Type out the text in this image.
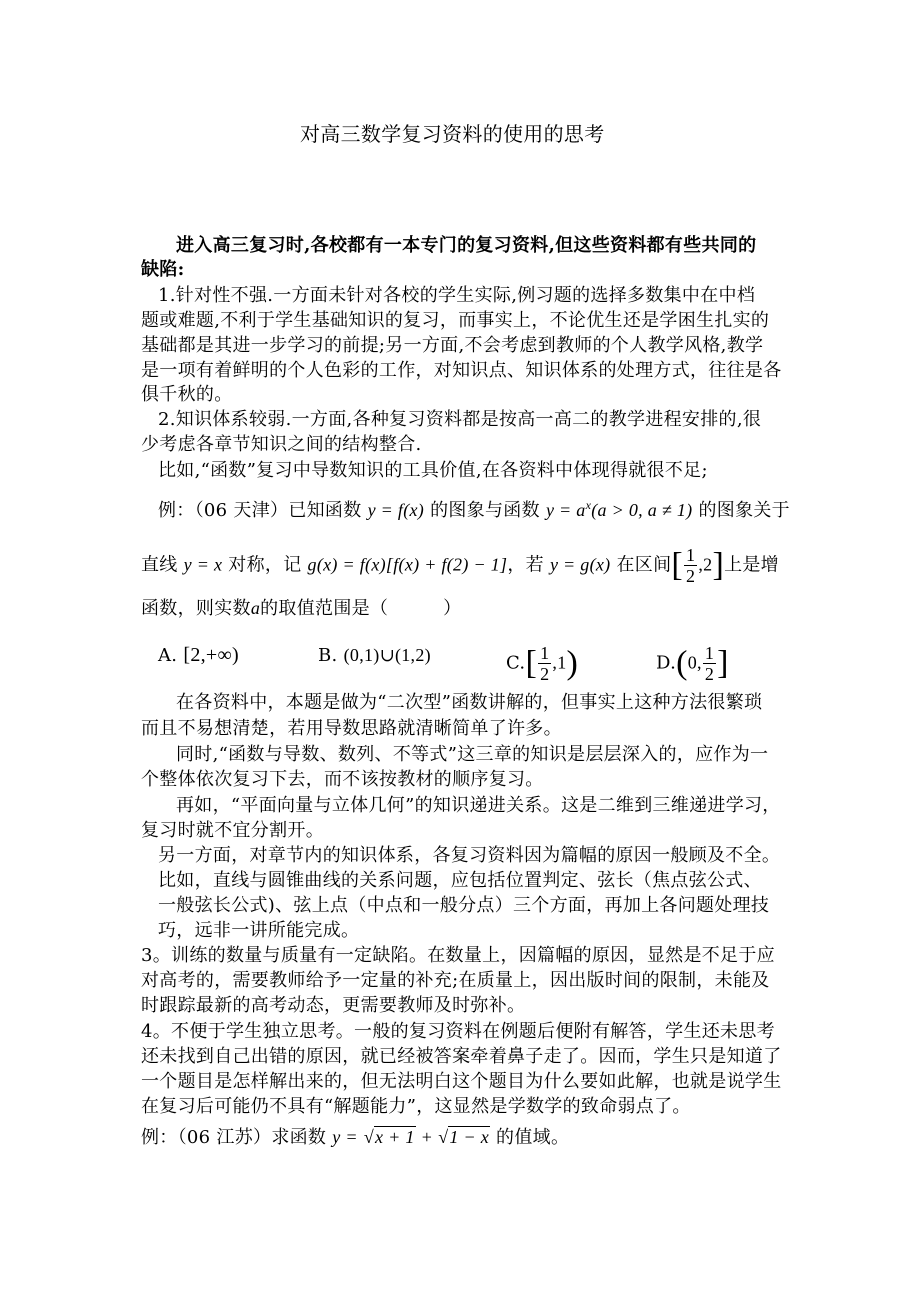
对高三数学复习资料的使用的思考
进入高三复习时,各校都有一本专门的复习资料,但这些资料都有些共同的
缺陷:
1.针对性不强.一方面未针对各校的学生实际,例习题的选择多数集中在中档
题或难题,不利于学生基础知识的复习，而事实上，不论优生还是学困生扎实的
基础都是其进一步学习的前提;另一方面,不会考虑到教师的个人教学风格,教学
是一项有着鲜明的个人色彩的工作，对知识点、知识体系的处理方式，往往是各
俱千秋的。
2.知识体系较弱.一方面,各种复习资料都是按高一高二的教学进程安排的,很
少考虑各章节知识之间的结构整合.
比如,“函数”复习中导数知识的工具价值,在各资料中体现得就很不足;
例：（06 天津）已知函数 y = f(x) 的图象与函数 $y = a^x(a > 0$, a ≠ 1) 的图象关于
直线 y = x 对称，记 g(x) = f(x)[f(x) + f(2) − 1]，若 y = g(x) 在区间[ $\frac{1}{2} ,2$]上是增
函数，则实数a的取值范围是（　　　）
A. [2,+∞)	B. (0,1)∪(1,2)	$C.[ \frac{1}{2} ,1)$	D.(0, $\frac{1}{2}$ ]
在各资料中，本题是做为“二次型”函数讲解的，但事实上这种方法很繁琐
而且不易想清楚，若用导数思路就清晰简单了许多。
同时,“函数与导数、数列、不等式”这三章的知识是层层深入的，应作为一
个整体依次复习下去，而不该按教材的顺序复习。
再如，“平面向量与立体几何”的知识递进关系。这是二维到三维递进学习，
复习时就不宜分割开。
另一方面，对章节内的知识体系，各复习资料因为篇幅的原因一般顾及不全。
比如，直线与圆锥曲线的关系问题，应包括位置判定、弦长（焦点弦公式、
一般弦长公式)、弦上点（中点和一般分点）三个方面，再加上各问题处理技
巧，远非一讲所能完成。
3。训练的数量与质量有一定缺陷。在数量上，因篇幅的原因，显然是不足于应
对高考的，需要教师给予一定量的补充;在质量上，因出版时间的限制，未能及
时跟踪最新的高考动态，更需要教师及时弥补。
4。不便于学生独立思考。一般的复习资料在例题后便附有解答，学生还未思考
还未找到自己出错的原因，就已经被答案牵着鼻子走了。因而，学生只是知道了
一个题目是怎样解出来的，但无法明白这个题目为什么要如此解，也就是说学生
在复习后可能仍不具有“解题能力”，这显然是学数学的致命弱点了。
例：（06 江苏）求函数 y = √x + 1 + √1 − x 的值域。
